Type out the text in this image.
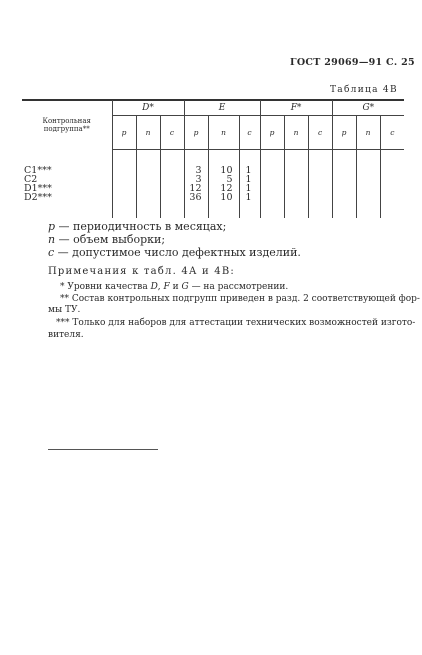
ГОСТ 29069—91 С. 25
Таблица 4B
Контрольная
подгруппа**	D*			E			F*			G*		
	p	n	c	p	n	c	p	n	c	p	n	c

C1***				3	10	1						
C2				3	5	1						
D1***				12	12	1						
D2***				36	10	1						

p — периодичность в месяцах;
n — объем выборки;
c — допустимое число дефектных изделий.
Примечания к табл. 4А и 4В:
* Уровни качества D, F и G — на рассмотрении.
** Состав контрольных подгрупп приведен в разд. 2 соответствующей фор-
мы ТУ.
*** Только для наборов для аттестации технических возможностей изгото-
вителя.
